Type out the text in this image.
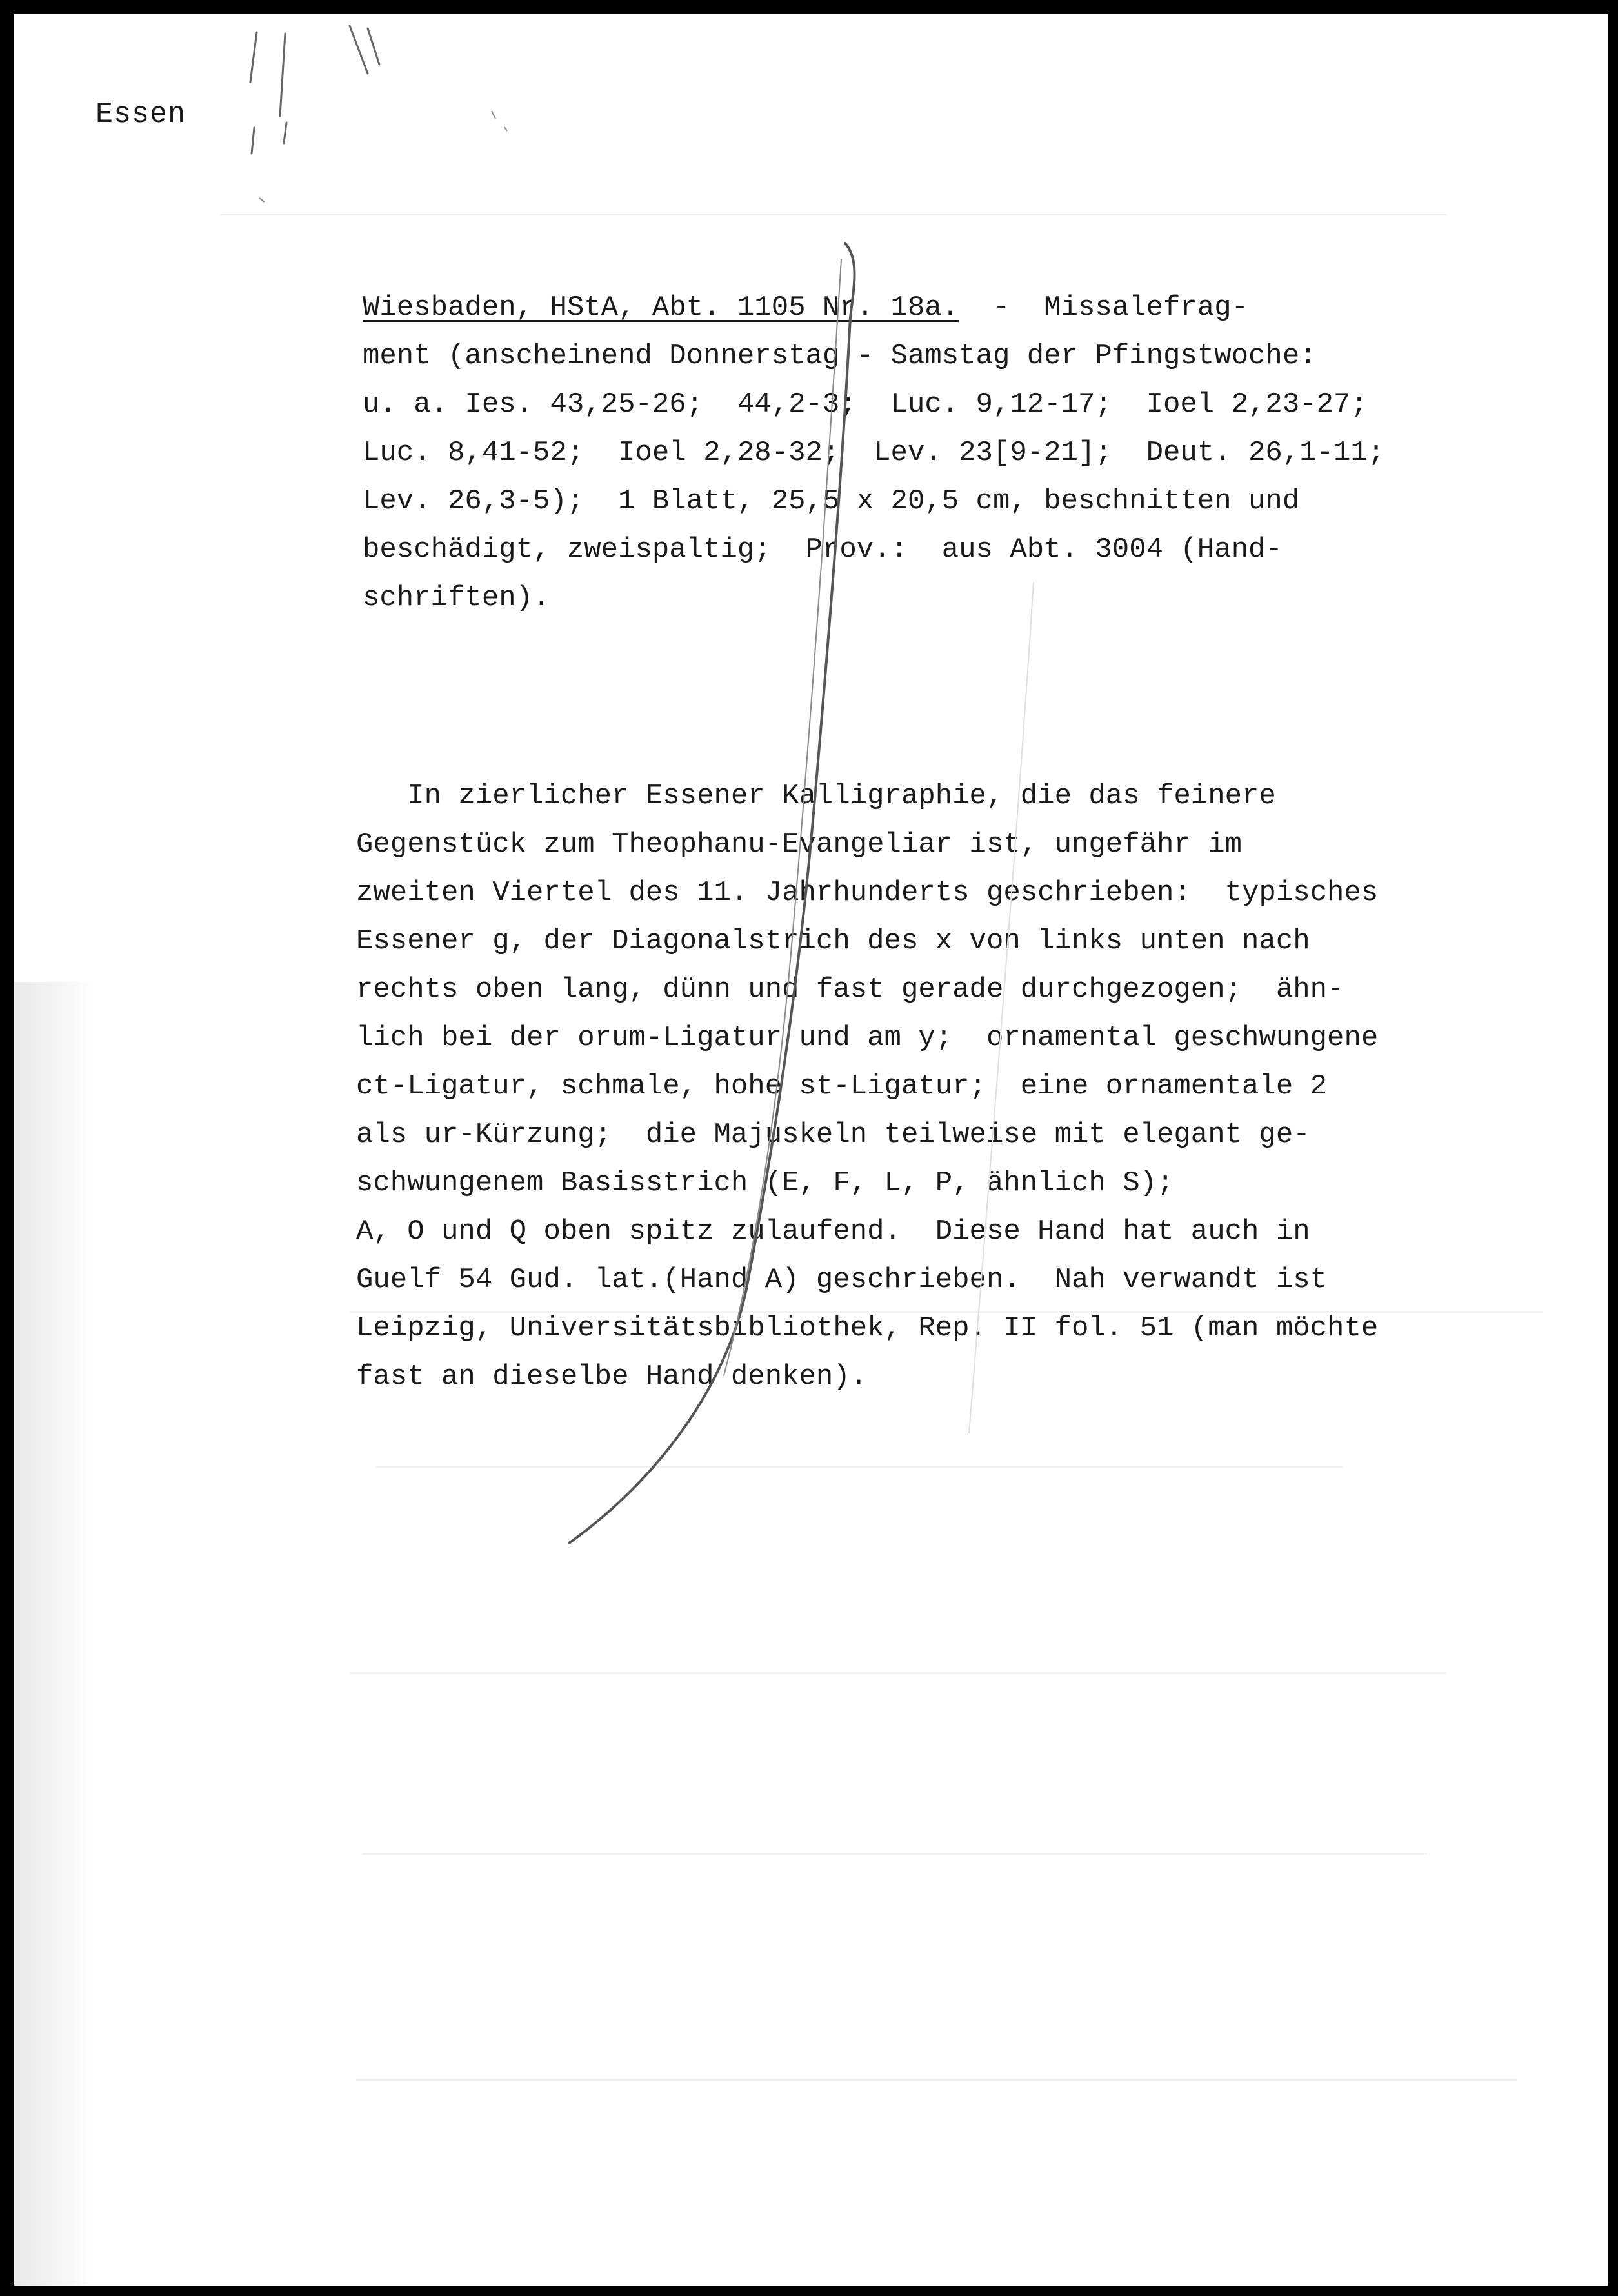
Essen
Wiesbaden, HStA, Abt. 1105 Nr. 18a.  -  Missalefrag-
ment (anscheinend Donnerstag - Samstag der Pfingstwoche:
u. a. Ies. 43,25-26;  44,2-3;  Luc. 9,12-17;  Ioel 2,23-27;
Luc. 8,41-52;  Ioel 2,28-32;  Lev. 23[9-21];  Deut. 26,1-11;
Lev. 26,3-5);  1 Blatt, 25,5 x 20,5 cm, beschnitten und
beschädigt, zweispaltig;  Prov.:  aus Abt. 3004 (Hand-
schriften).
In zierlicher Essener Kalligraphie, die das feinere
Gegenstück zum Theophanu-Evangeliar ist, ungefähr im
zweiten Viertel des 11. Jahrhunderts geschrieben:  typisches
Essener g, der Diagonalstrich des x von links unten nach
rechts oben lang, dünn und fast gerade durchgezogen;  ähn-
lich bei der orum-Ligatur und am y;  ornamental geschwungene
ct-Ligatur, schmale, hohe st-Ligatur;  eine ornamentale 2
als ur-Kürzung;  die Majuskeln teilweise mit elegant ge-
schwungenem Basisstrich (E, F, L, P, ähnlich S);
A, O und Q oben spitz zulaufend.  Diese Hand hat auch in
Guelf 54 Gud. lat.(Hand A) geschrieben.  Nah verwandt ist
Leipzig, Universitätsbibliothek, Rep. II fol. 51 (man möchte
fast an dieselbe Hand denken).
